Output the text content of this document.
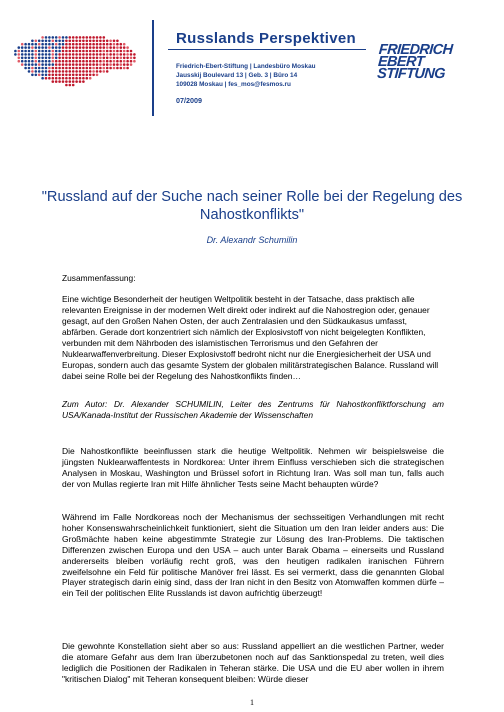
Russlands Perspektiven
Friedrich-Ebert-Stiftung | Landesbüro Moskau
Jausskij Boulevard 13 | Geb. 3 | Büro 14
109028 Moskau | fes_mos@fesmos.ru
07/2009
FRIEDRICH
EBERT
STIFTUNG
"Russland auf der Suche nach seiner Rolle bei der Regelung des Nahostkonflikts"
Dr. Alexandr Schumilin
Zusammenfassung:
Eine wichtige Besonderheit der heutigen Weltpolitik besteht in der Tatsache, dass praktisch alle relevanten Ereignisse in der modernen Welt direkt oder indirekt auf die Nahostregion oder, genauer gesagt, auf den Großen Nahen Osten, der auch Zentralasien und den Südkaukasus umfasst, abfärben. Gerade dort konzentriert sich nämlich der Explosivstoff von nicht beigelegten Konflikten, verbunden mit dem Nährboden des islamistischen Terrorismus und den Gefahren der Nuklearwaffenverbreitung. Dieser Explosivstoff bedroht nicht nur die Energiesicherheit der USA und Europas, sondern auch das gesamte System der globalen militärstrategischen Balance. Russland will dabei seine Rolle bei der Regelung des Nahostkonflikts finden…
Zum Autor: Dr. Alexander SCHUMILIN, Leiter des Zentrums für Nahostkonfliktforschung am USA/Kanada-Institut der Russischen Akademie der Wissenschaften
Die Nahostkonflikte beeinflussen stark die heutige Weltpolitik. Nehmen wir beispielsweise die jüngsten Nuklearwaffentests in Nordkorea: Unter ihrem Einfluss verschieben sich die strategischen Analysen in Moskau, Washington und Brüssel sofort in Richtung Iran. Was soll man tun, falls auch der von Mullas regierte Iran mit Hilfe ähnlicher Tests seine Macht behaupten würde?
Während im Falle Nordkoreas noch der Mechanismus der sechsseitigen Verhandlungen mit recht hoher Konsenswahrscheinlichkeit funktioniert, sieht die Situation um den Iran leider anders aus: Die Großmächte haben keine abgestimmte Strategie zur Lösung des Iran-Problems. Die taktischen Differenzen zwischen Europa und den USA – auch unter Barak Obama – einerseits und Russland andererseits bleiben vorläufig recht groß, was den heutigen radikalen iranischen Führern zweifelsohne ein Feld für politische Manöver frei lässt. Es sei vermerkt, dass die genannten Global Player strategisch darin einig sind, dass der Iran nicht in den Besitz von Atomwaffen kommen dürfe – ein Teil der politischen Elite Russlands ist davon aufrichtig überzeugt!
Die gewohnte Konstellation sieht aber so aus: Russland appelliert an die westlichen Partner, weder die atomare Gefahr aus dem Iran überzubetonen noch auf das Sanktionspedal zu treten, weil dies lediglich die Positionen der Radikalen in Teheran stärke. Die USA und die EU aber wollen in ihrem "kritischen Dialog" mit Teheran konsequent bleiben: Würde dieser
1
